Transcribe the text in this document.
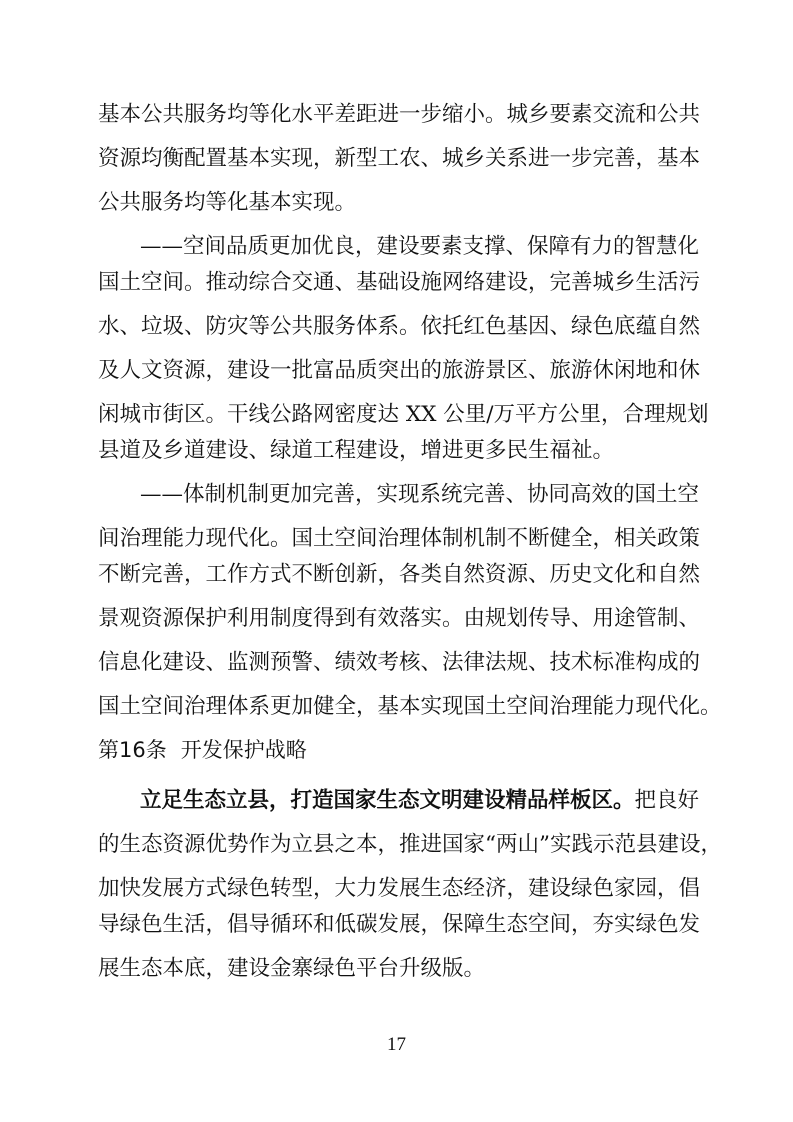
基本公共服务均等化水平差距进一步缩小。城乡要素交流和公共
资源均衡配置基本实现，新型工农、城乡关系进一步完善，基本
公共服务均等化基本实现。
——空间品质更加优良，建设要素支撑、保障有力的智慧化
国土空间。推动综合交通、基础设施网络建设，完善城乡生活污
水、垃圾、防灾等公共服务体系。依托红色基因、绿色底蕴自然
及人文资源，建设一批富品质突出的旅游景区、旅游休闲地和休
闲城市街区。干线公路网密度达 XX 公里/万平方公里，合理规划
县道及乡道建设、绿道工程建设，增进更多民生福祉。
——体制机制更加完善，实现系统完善、协同高效的国土空
间治理能力现代化。国土空间治理体制机制不断健全，相关政策
不断完善，工作方式不断创新，各类自然资源、历史文化和自然
景观资源保护利用制度得到有效落实。由规划传导、用途管制、
信息化建设、监测预警、绩效考核、法律法规、技术标准构成的
国土空间治理体系更加健全，基本实现国土空间治理能力现代化。
第16条 开发保护战略
立足生态立县，打造国家生态文明建设精品样板区。把良好
的生态资源优势作为立县之本，推进国家“两山”实践示范县建设，
加快发展方式绿色转型，大力发展生态经济，建设绿色家园，倡
导绿色生活，倡导循环和低碳发展，保障生态空间，夯实绿色发
展生态本底，建设金寨绿色平台升级版。
17
